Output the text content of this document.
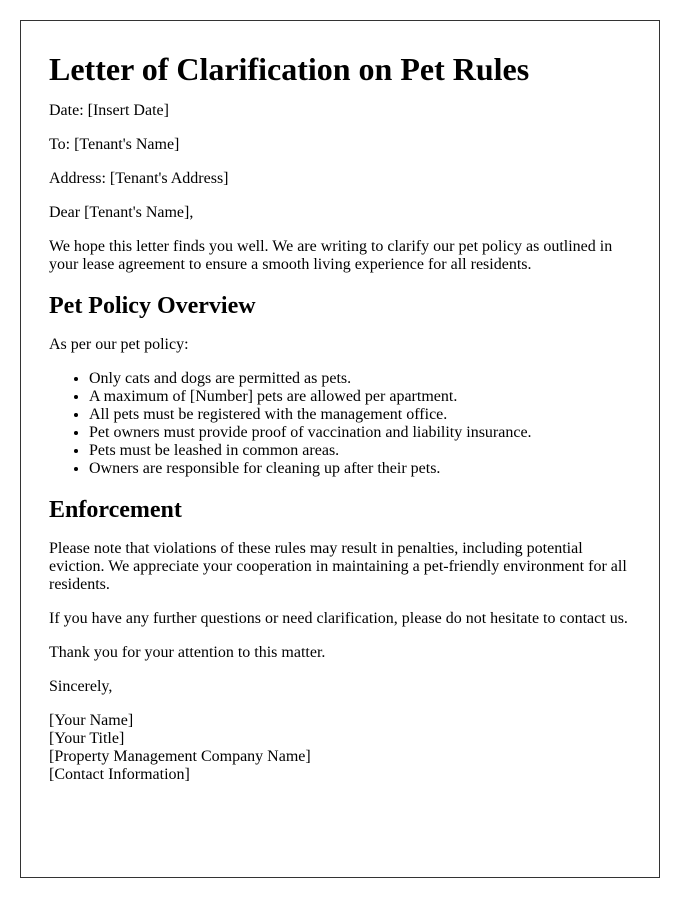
Letter of Clarification on Pet Rules

Date: [Insert Date]

To: [Tenant's Name]

Address: [Tenant's Address]

Dear [Tenant's Name],

We hope this letter finds you well. We are writing to clarify our pet policy as outlined in your lease agreement to ensure a smooth living experience for all residents.

Pet Policy Overview

As per our pet policy:

• Only cats and dogs are permitted as pets.
• A maximum of [Number] pets are allowed per apartment.
• All pets must be registered with the management office.
• Pet owners must provide proof of vaccination and liability insurance.
• Pets must be leashed in common areas.
• Owners are responsible for cleaning up after their pets.
Enforcement

Please note that violations of these rules may result in penalties, including potential eviction. We appreciate your cooperation in maintaining a pet-friendly environment for all residents.

If you have any further questions or need clarification, please do not hesitate to contact us.

Thank you for your attention to this matter.

Sincerely,

[Your Name]
[Your Title]
[Property Management Company Name]
[Contact Information]
